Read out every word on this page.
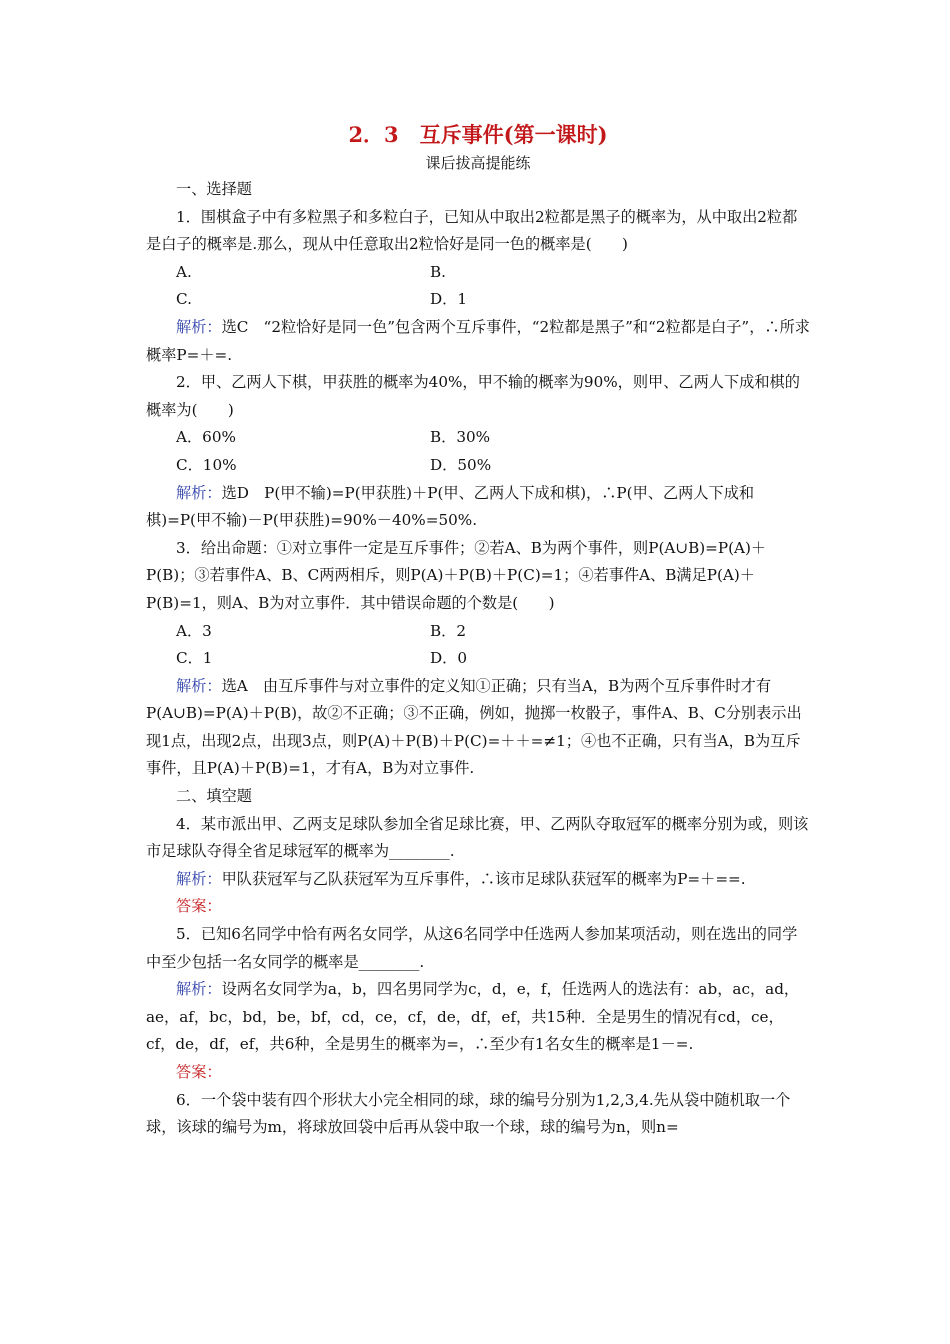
2．3　互斥事件(第一课时)
课后拔高提能练

一、选择题

1．围棋盒子中有多粒黑子和多粒白子，已知从中取出2粒都是黑子的概率为，从中取出2粒都是白子的概率是.那么，现从中任意取出2粒恰好是同一色的概率是(　　)

A.	B.
C.	D．1

解析：选C　“2粒恰好是同一色”包含两个互斥事件，“2粒都是黑子”和“2粒都是白子”，∴所求概率P=＋=.

2．甲、乙两人下棋，甲获胜的概率为40%，甲不输的概率为90%，则甲、乙两人下成和棋的概率为(　　)

A．60%	B．30%
C．10%	D．50%

解析：选D　P(甲不输)=P(甲获胜)＋P(甲、乙两人下成和棋)，∴P(甲、乙两人下成和棋)=P(甲不输)－P(甲获胜)=90%－40%=50%.

3．给出命题：①对立事件一定是互斥事件；②若A、B为两个事件，则P(A∪B)=P(A)＋P(B)；③若事件A、B、C两两相斥，则P(A)＋P(B)＋P(C)=1；④若事件A、B满足P(A)＋P(B)=1，则A、B为对立事件．其中错误命题的个数是(　　)

A．3	B．2
C．1	D．0

解析：选A　由互斥事件与对立事件的定义知①正确；只有当A，B为两个互斥事件时才有P(A∪B)=P(A)＋P(B)，故②不正确；③不正确，例如，抛掷一枚骰子，事件A、B、C分别表示出现1点，出现2点，出现3点，则P(A)＋P(B)＋P(C)=＋＋=≠1；④也不正确，只有当A，B为互斥事件，且P(A)＋P(B)=1，才有A，B为对立事件.

二、填空题

4．某市派出甲、乙两支足球队参加全省足球比赛，甲、乙两队夺取冠军的概率分别为或，则该市足球队夺得全省足球冠军的概率为________.

解析：甲队获冠军与乙队获冠军为互斥事件，∴该市足球队获冠军的概率为P=＋==.

答案：

5．已知6名同学中恰有两名女同学，从这6名同学中任选两人参加某项活动，则在选出的同学中至少包括一名女同学的概率是________.

解析：设两名女同学为a，b，四名男同学为c，d，e，f，任选两人的选法有：ab，ac，ad，ae，af，bc，bd，be，bf，cd，ce，cf，de，df，ef，共15种．全是男生的情况有cd，ce，cf，de，df，ef，共6种，全是男生的概率为=，∴至少有1名女生的概率是1－=.

答案：

6．一个袋中装有四个形状大小完全相同的球，球的编号分别为1,2,3,4.先从袋中随机取一个球，该球的编号为m，将球放回袋中后再从袋中取一个球，球的编号为n，则n=
